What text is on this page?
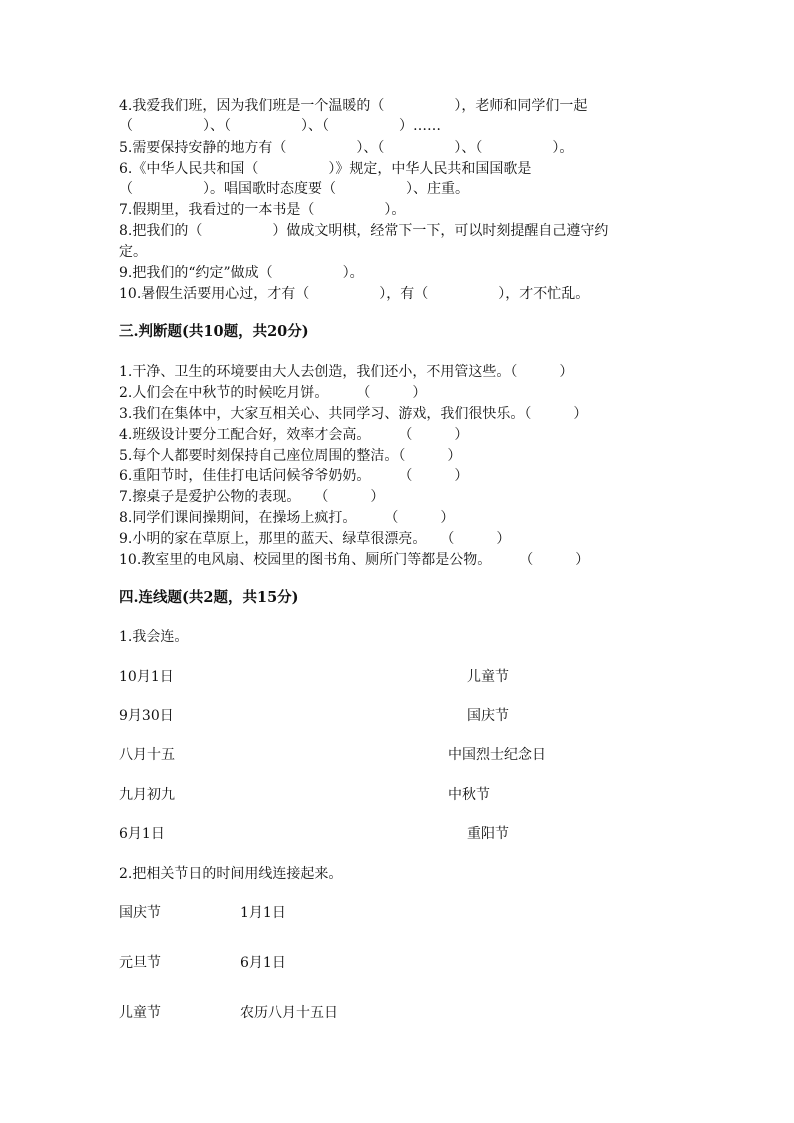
4.我爱我们班，因为我们班是一个温暖的（　　　　　），老师和同学们一起
（　　　　　）、（　　　　　）、（　　　　　）……
5.需要保持安静的地方有（　　　　　）、（　　　　　）、（　　　　　）。
6.《中华人民共和国（　　　　　）》规定，中华人民共和国国歌是
（　　　　　）。唱国歌时态度要（　　　　　）、庄重。
7.假期里，我看过的一本书是（　　　　　）。
8.把我们的（　　　　　）做成文明棋，经常下一下，可以时刻提醒自己遵守约
定。
9.把我们的“约定”做成（　　　　　）。
10.暑假生活要用心过，才有（　　　　　），有（　　　　　），才不忙乱。
三.判断题(共10题，共20分)
1.干净、卫生的环境要由大人去创造，我们还小，不用管这些。（　　　）
2.人们会在中秋节的时候吃月饼。　　　（　　　）
3.我们在集体中，大家互相关心、共同学习、游戏，我们很快乐。（　　　）
4.班级设计要分工配合好，效率才会高。　　　（　　　）
5.每个人都要时刻保持自己座位周围的整洁。（　　　）
6.重阳节时，佳佳打电话问候爷爷奶奶。　　　（　　　）
7.擦桌子是爱护公物的表现。　　（　　　）
8.同学们课间操期间，在操场上疯打。　　　（　　　）
9.小明的家在草原上，那里的蓝天、绿草很漂亮。　　（　　　）
10.教室里的电风扇、校园里的图书角、厕所门等都是公物。　　　（　　　）
四.连线题(共2题，共15分)
1.我会连。
10月1日
9月30日
八月十五
九月初九
6月1日
儿童节
国庆节
中国烈士纪念日
中秋节
重阳节
2.把相关节日的时间用线连接起来。
国庆节
元旦节
儿童节
1月1日
6月1日
农历八月十五日
